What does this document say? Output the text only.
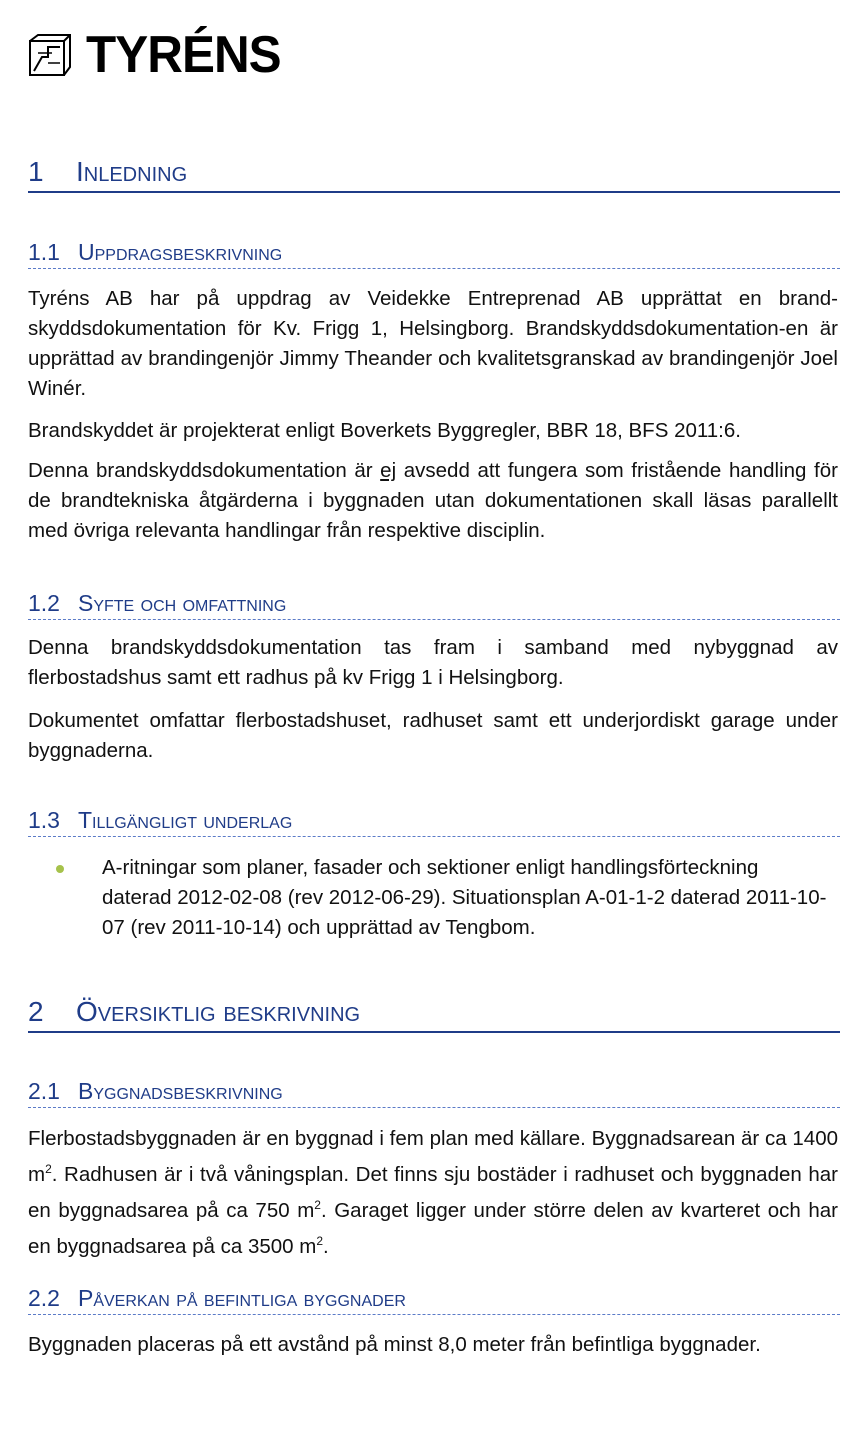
TYRÉNS
1 Inledning
1.1 Uppdragsbeskrivning
Tyréns AB har på uppdrag av Veidekke Entreprenad AB upprättat en brand-skyddsdokumentation för Kv. Frigg 1, Helsingborg. Brandskyddsdokumentation-en är upprättad av brandingenjör Jimmy Theander och kvalitetsgranskad av brandingenjör Joel Winér.
Brandskyddet är projekterat enligt Boverkets Byggregler, BBR 18, BFS 2011:6.
Denna brandskyddsdokumentation är ej avsedd att fungera som fristående handling för de brandtekniska åtgärderna i byggnaden utan dokumentationen skall läsas parallellt med övriga relevanta handlingar från respektive disciplin.
1.2 Syfte och omfattning
Denna brandskyddsdokumentation tas fram i samband med nybyggnad av flerbostadshus samt ett radhus på kv Frigg 1 i Helsingborg.
Dokumentet omfattar flerbostadshuset, radhuset samt ett underjordiskt garage under byggnaderna.
1.3 Tillgängligt underlag
A-ritningar som planer, fasader och sektioner enligt handlingsförteckning daterad 2012-02-08 (rev 2012-06-29). Situationsplan A-01-1-2 daterad 2011-10-07 (rev 2011-10-14) och upprättad av Tengbom.
2 Översiktlig beskrivning
2.1 Byggnadsbeskrivning
Flerbostadsbyggnaden är en byggnad i fem plan med källare. Byggnadsarean är ca 1400 $m^2$. Radhusen är i två våningsplan. Det finns sju bostäder i radhuset och byggnaden har en byggnadsarea på ca 750 $m^2$. Garaget ligger under större delen av kvarteret och har en byggnadsarea på ca 3500 $m^2$.
2.2 Påverkan på befintliga byggnader
Byggnaden placeras på ett avstånd på minst 8,0 meter från befintliga byggnader.
